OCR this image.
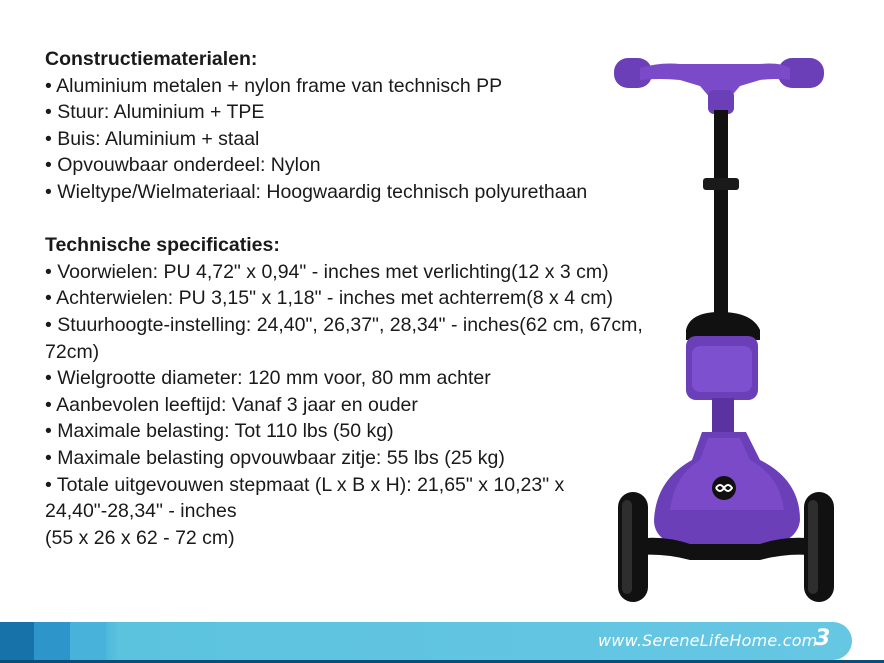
Constructiematerialen:

• Aluminium metalen + nylon frame van technisch PP

• Stuur: Aluminium + TPE

• Buis: Aluminium + staal

• Opvouwbaar onderdeel: Nylon

• Wieltype/Wielmateriaal: Hoogwaardig technisch polyurethaan

Technische specificaties:

• Voorwielen: PU 4,72" x 0,94" - inches met verlichting(12 x 3 cm)

• Achterwielen: PU 3,15" x 1,18" - inches met achterrem(8 x 4 cm)

• Stuurhoogte-instelling: 24,40", 26,37", 28,34" - inches(62 cm, 67cm, 72cm)

• Wielgrootte diameter: 120 mm voor, 80 mm achter

• Aanbevolen leeftijd: Vanaf 3 jaar en ouder

• Maximale belasting: Tot 110 lbs (50 kg)

• Maximale belasting opvouwbaar zitje: 55 lbs (25 kg)

• Totale uitgevouwen stepmaat (L x B x H): 21,65" x 10,23" x 24,40"-28,34" - inches

(55 x 26 x 62 - 72 cm)

www.SereneLifeHome.com
3
